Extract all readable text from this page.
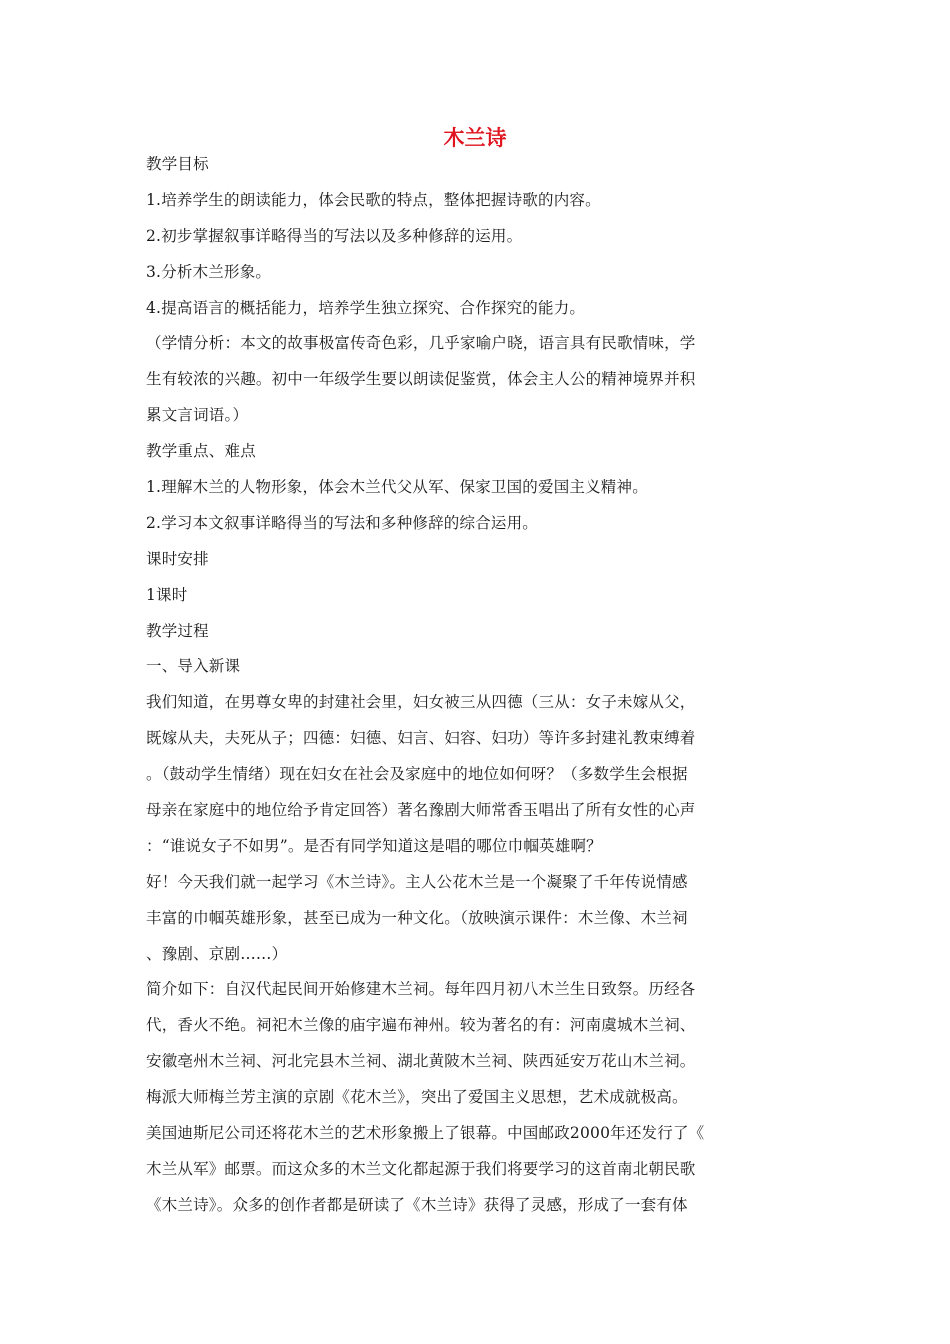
木兰诗
教学目标
1.培养学生的朗读能力，体会民歌的特点，整体把握诗歌的内容。
2.初步掌握叙事详略得当的写法以及多种修辞的运用。
3.分析木兰形象。
4.提高语言的概括能力，培养学生独立探究、合作探究的能力。
（学情分析：本文的故事极富传奇色彩，几乎家喻户晓，语言具有民歌情味，学
生有较浓的兴趣。初中一年级学生要以朗读促鉴赏，体会主人公的精神境界并积
累文言词语。）
教学重点、难点
1.理解木兰的人物形象，体会木兰代父从军、保家卫国的爱国主义精神。
2.学习本文叙事详略得当的写法和多种修辞的综合运用。
课时安排
1课时
教学过程
一、导入新课
我们知道，在男尊女卑的封建社会里，妇女被三从四德（三从：女子未嫁从父，
既嫁从夫，夫死从子；四德：妇德、妇言、妇容、妇功）等许多封建礼教束缚着
。（鼓动学生情绪）现在妇女在社会及家庭中的地位如何呀？（多数学生会根据
母亲在家庭中的地位给予肯定回答）著名豫剧大师常香玉唱出了所有女性的心声
：“谁说女子不如男”。是否有同学知道这是唱的哪位巾帼英雄啊？
好！今天我们就一起学习《木兰诗》。主人公花木兰是一个凝聚了千年传说情感
丰富的巾帼英雄形象，甚至已成为一种文化。（放映演示课件：木兰像、木兰祠
、豫剧、京剧……）
简介如下：自汉代起民间开始修建木兰祠。每年四月初八木兰生日致祭。历经各
代，香火不绝。祠祀木兰像的庙宇遍布神州。较为著名的有：河南虞城木兰祠、
安徽亳州木兰祠、河北完县木兰祠、湖北黄陂木兰祠、陕西延安万花山木兰祠。
梅派大师梅兰芳主演的京剧《花木兰》，突出了爱国主义思想，艺术成就极高。
美国迪斯尼公司还将花木兰的艺术形象搬上了银幕。中国邮政2000年还发行了《
木兰从军》邮票。而这众多的木兰文化都起源于我们将要学习的这首南北朝民歌
《木兰诗》。众多的创作者都是研读了《木兰诗》获得了灵感，形成了一套有体
